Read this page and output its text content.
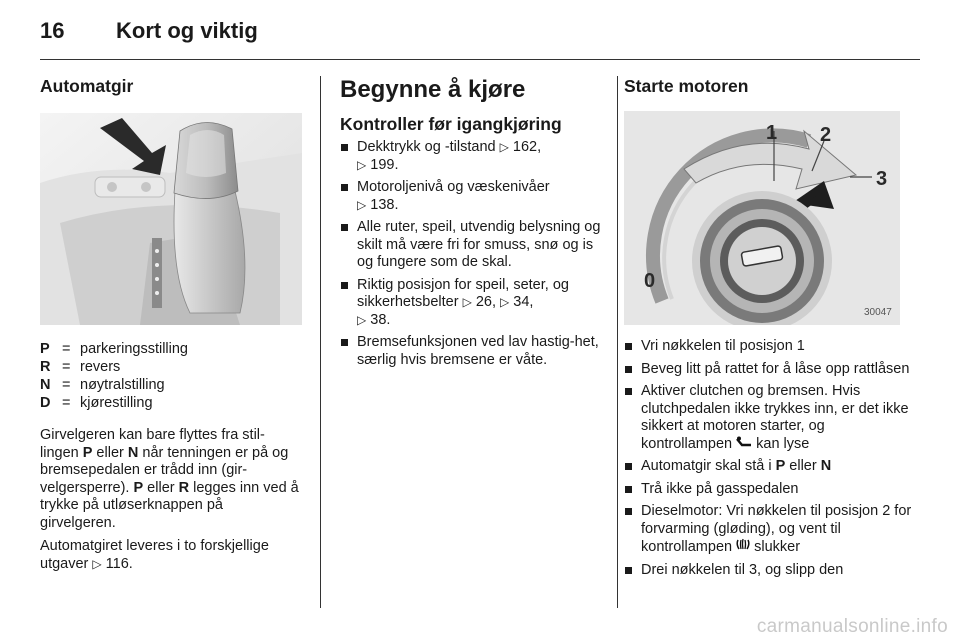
16 Kort og viktig
Automatgir
P = parkeringsstilling
R = revers
N = nøytralstilling
D = kjørestilling

Girvelgeren kan bare flyttes fra stil-lingen P eller N når tenningen er på og bremsepedalen er trådd inn (gir-velgersperre). P eller R legges inn ved å trykke på utløserknappen på girvelgeren.

Automatgiret leveres i to forskjellige utgaver ▷ 116.

Begynne å kjøre
Kontroller før igangkjøring
Dekktrykk og -tilstand ▷ 162,
▷ 199.
Motoroljenivå og væskenivåer
▷ 138.
Alle ruter, speil, utvendig belysning og skilt må være fri for smuss, snø og is og fungere som de skal.
Riktig posisjon for speil, seter, og sikkerhetsbelter ▷ 26, ▷ 34,
▷ 38.
Bremsefunksjonen ved lav hastig-het, særlig hvis bremsene er våte.
Starte motoren
1 2
3
0
30047
Vri nøkkelen til posisjon 1
Beveg litt på rattet for å låse opp rattlåsen
Aktiver clutchen og bremsen. Hvis clutchpedalen ikke trykkes inn, er det ikke sikkert at motoren starter, og kontrollampen  kan lyse
Automatgir skal stå i P eller N
Trå ikke på gasspedalen
Dieselmotor: Vri nøkkelen til posisjon 2 for forvarming (gløding), og vent til kontrollampen  slukker
Drei nøkkelen til 3, og slipp den
carmanualsonline.info
